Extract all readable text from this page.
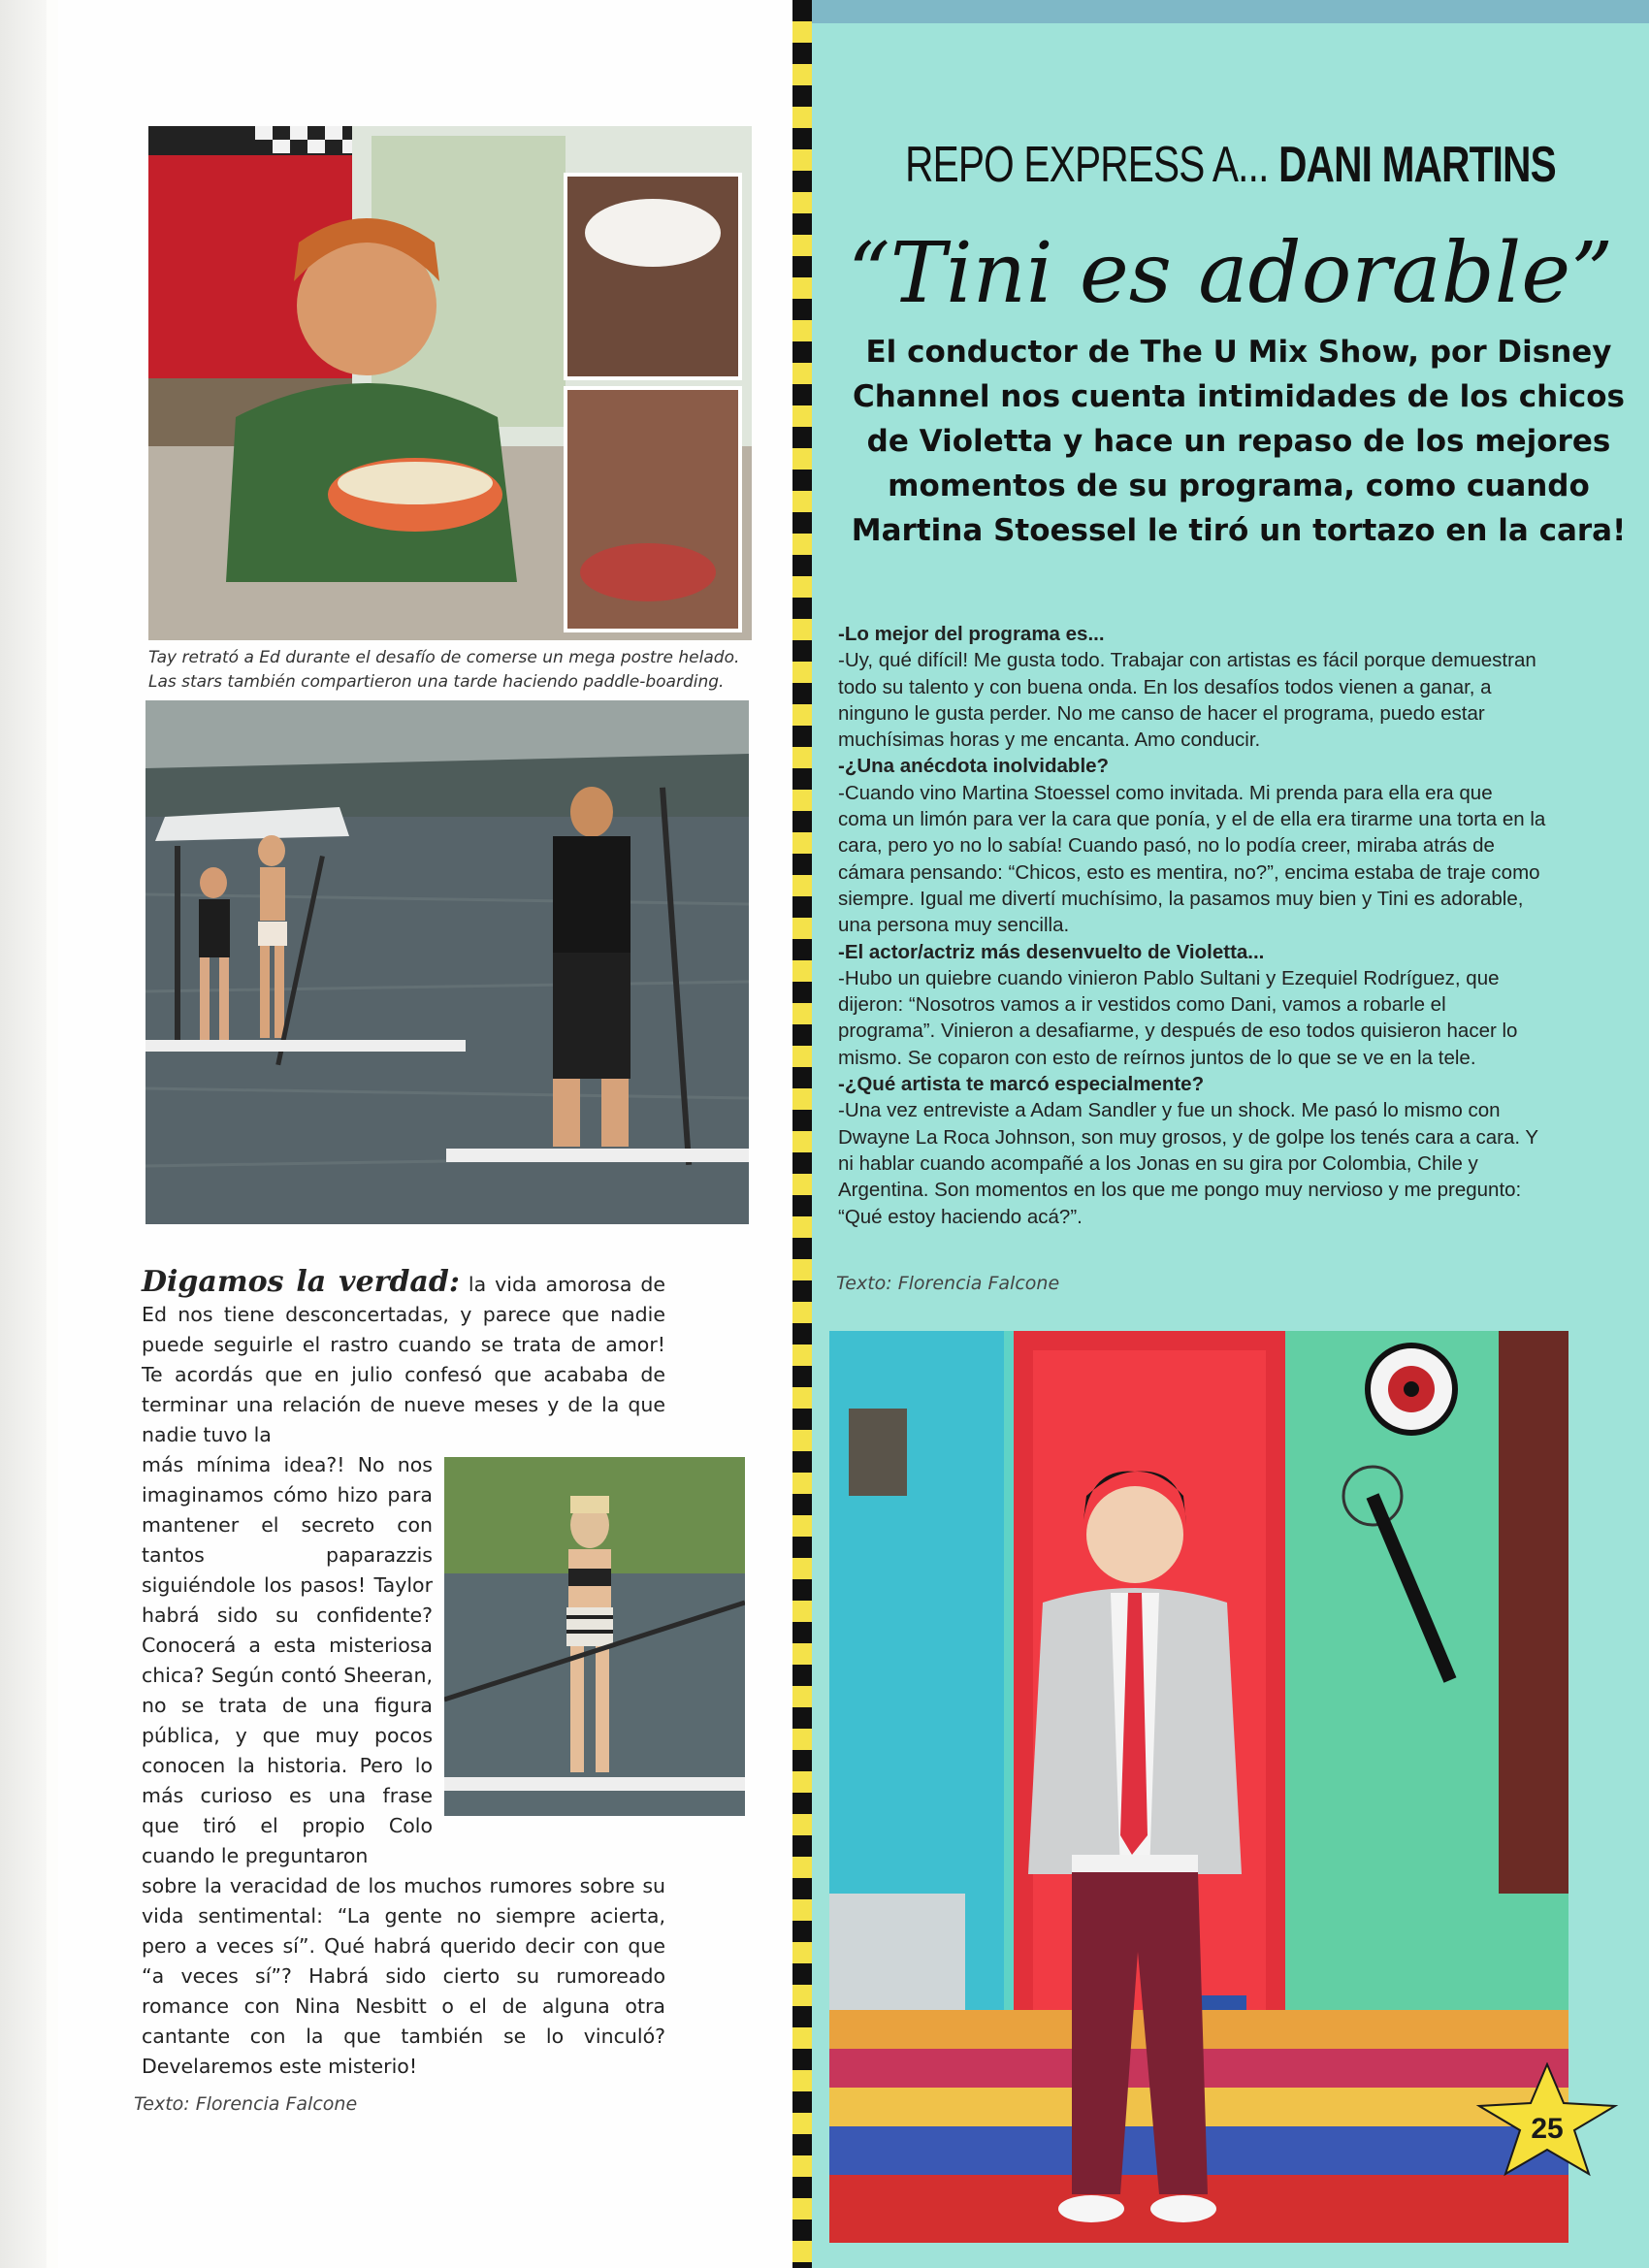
Tay retrató a Ed durante el desafío de comerse un mega postre helado.
Las stars también compartieron una tarde haciendo paddle-boarding.
Digamos la verdad: la vida amorosa de Ed nos tiene desconcertadas, y parece que nadie puede seguirle el rastro cuando se trata de amor! Te acordás que en julio confesó que acababa de terminar una relación de nueve meses y de la que nadie tuvo la
más mínima idea?! No nos imaginamos cómo hizo para mantener el secreto con tantos paparazzis siguiéndole los pasos! Taylor habrá sido su confidente? Conocerá a esta misteriosa chica? Según contó Sheeran, no se trata de una figura pública, y que muy pocos conocen la historia. Pero lo más curioso es una frase que tiró el propio Colo cuando le preguntaron
sobre la veracidad de los muchos rumores sobre su vida sentimental: “La gente no siempre acierta, pero a veces sí”. Qué habrá querido decir con que “a veces sí”? Habrá sido cierto su rumoreado romance con Nina Nesbitt o el de alguna otra cantante con la que también se lo vinculó? Develaremos este misterio!
Texto: Florencia Falcone
REPO EXPRESS A... DANI MARTINS
“Tini es adorable”
El conductor de The U Mix Show, por Disney Channel nos cuenta intimidades de los chicos de Violetta y hace un repaso de los mejores momentos de su programa, como cuando Martina Stoessel le tiró un tortazo en la cara!

-Lo mejor del programa es...

-Uy, qué difícil! Me gusta todo. Trabajar con artistas es fácil porque demuestran todo su talento y con buena onda. En los desafíos todos vienen a ganar, a ninguno le gusta perder. No me canso de hacer el programa, puedo estar muchísimas horas y me encanta. Amo conducir.

-¿Una anécdota inolvidable?

-Cuando vino Martina Stoessel como invitada. Mi prenda para ella era que coma un limón para ver la cara que ponía, y el de ella era tirarme una torta en la cara, pero yo no lo sabía! Cuando pasó, no lo podía creer, miraba atrás de cámara pensando: “Chicos, esto es mentira, no?”, encima estaba de traje como siempre. Igual me divertí muchísimo, la pasamos muy bien y Tini es adorable, una persona muy sencilla.

-El actor/actriz más desenvuelto de Violetta...

-Hubo un quiebre cuando vinieron Pablo Sultani y Ezequiel Rodríguez, que dijeron: “Nosotros vamos a ir vestidos como Dani, vamos a robarle el programa”. Vinieron a desafiarme, y después de eso todos quisieron hacer lo mismo. Se coparon con esto de reírnos juntos de lo que se ve en la tele.

-¿Qué artista te marcó especialmente?

-Una vez entreviste a Adam Sandler y fue un shock. Me pasó lo mismo con Dwayne La Roca Johnson, son muy grosos, y de golpe los tenés cara a cara. Y ni hablar cuando acompañé a los Jonas en su gira por Colombia, Chile y Argentina. Son momentos en los que me pongo muy nervioso y me pregunto: “Qué estoy haciendo acá?”.

Texto: Florencia Falcone
25
